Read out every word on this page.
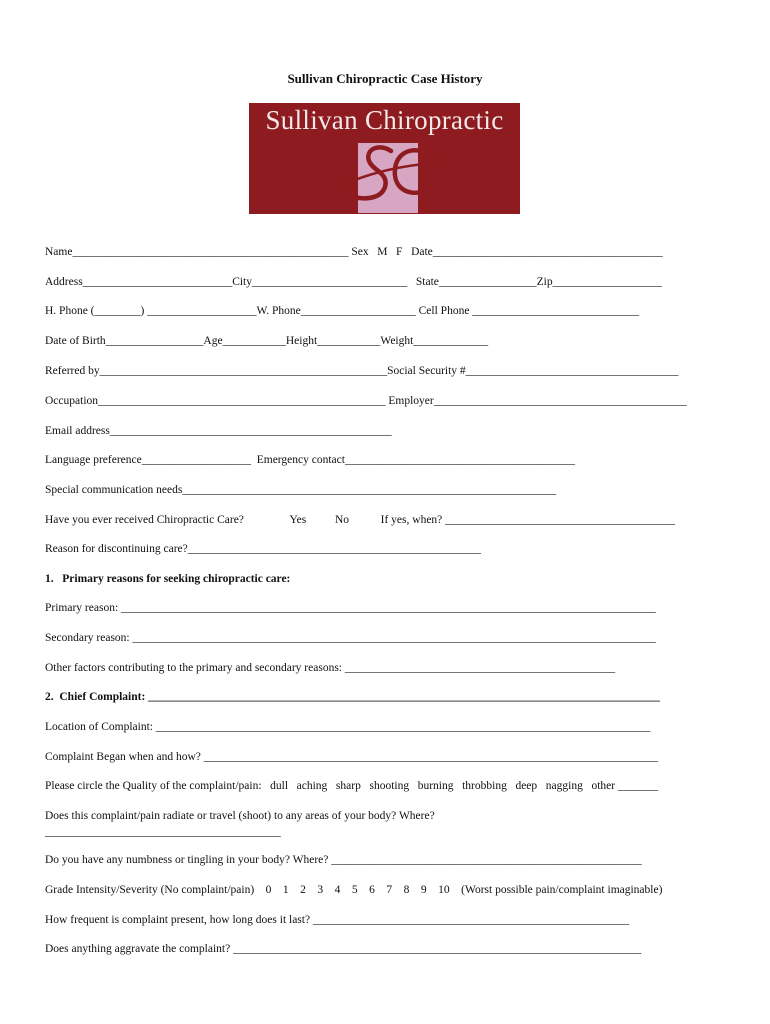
Sullivan Chiropractic Case History
Sullivan Chiropractic
Name________________________________________________ Sex   M   F   Date________________________________________
Address__________________________City___________________________   State_________________Zip___________________
H. Phone (________) ___________________W. Phone____________________ Cell Phone _____________________________
Date of Birth_________________Age___________Height___________Weight_____________
Referred by__________________________________________________Social Security #_____________________________________
Occupation__________________________________________________ Employer____________________________________________
Email address_________________________________________________
Language preference___________________  Emergency contact________________________________________
Special communication needs_________________________________________________________________
Have you ever received Chiropractic Care?                Yes          No           If yes, when? ________________________________________
Reason for discontinuing care?___________________________________________________
1.   Primary reasons for seeking chiropractic care:
Primary reason: _____________________________________________________________________________________________
Secondary reason: ___________________________________________________________________________________________
Other factors contributing to the primary and secondary reasons: _______________________________________________
2.  Chief Complaint: _________________________________________________________________________________________
Location of Complaint: ______________________________________________________________________________________
Complaint Began when and how? _______________________________________________________________________________
Please circle the Quality of the complaint/pain:   dull   aching   sharp   shooting   burning   throbbing   deep   nagging   other _______
Does this complaint/pain radiate or travel (shoot) to any areas of your body? Where?
_________________________________________
Do you have any numbness or tingling in your body? Where? ______________________________________________________
Grade Intensity/Severity (No complaint/pain)    0    1    2    3    4    5    6    7    8    9    10    (Worst possible pain/complaint imaginable)
How frequent is complaint present, how long does it last? _______________________________________________________
Does anything aggravate the complaint? _______________________________________________________________________
